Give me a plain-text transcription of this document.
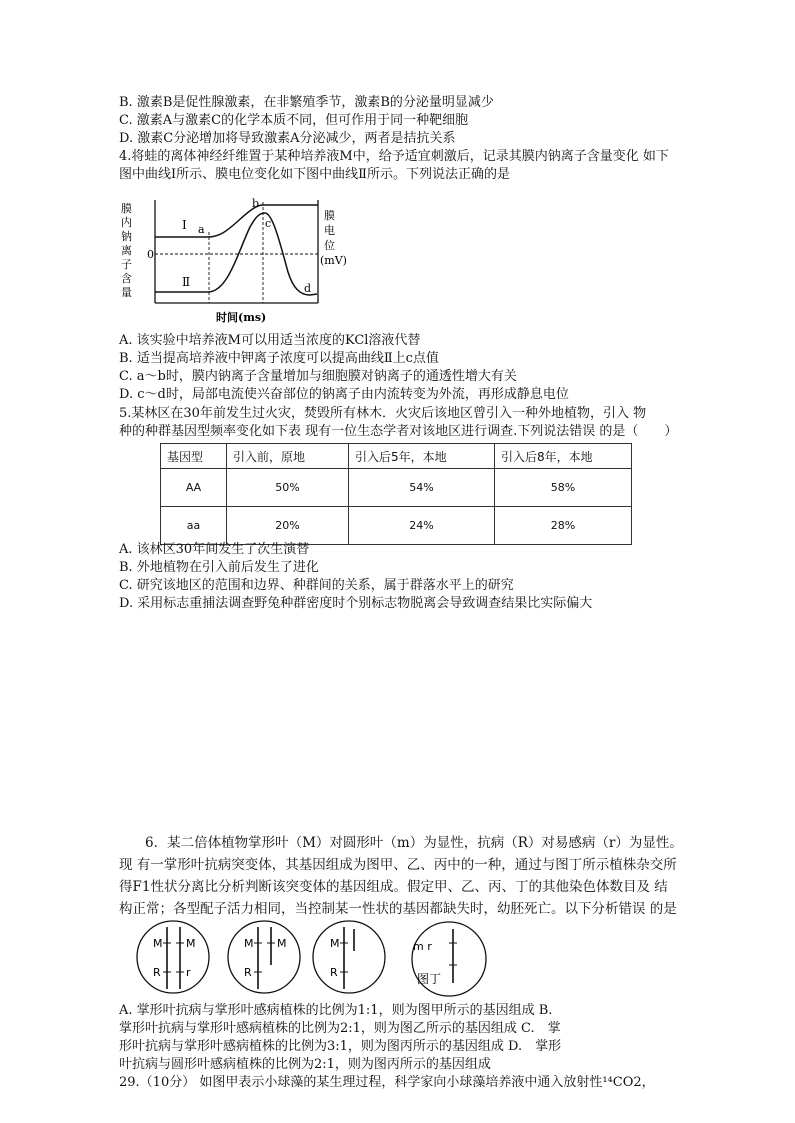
B. 激素B是促性腺激素，在非繁殖季节，激素B的分泌量明显减少
C. 激素A与激素C的化学本质不同，但可作用于同一种靶细胞
D. 激素C分泌增加将导致激素A分泌减少，两者是拮抗关系
4.将蛙的离体神经纤维置于某种培养液M中，给予适宜刺激后，记录其膜内钠离子含量变化 如下
图中曲线Ⅰ所示、膜电位变化如下图中曲线Ⅱ所示。下列说法正确的是
膜
内
钠
离
子
含
量
0
Ⅰ
Ⅱ
a
b
c
d
膜
电
位
(mV)
时间(ms)
A. 该实验中培养液M可以用适当浓度的KCl溶液代替
B. 适当提高培养液中钾离子浓度可以提高曲线Ⅱ上c点值
C. a～b时，膜内钠离子含量增加与细胞膜对钠离子的通透性增大有关
D. c～d时，局部电流使兴奋部位的钠离子由内流转变为外流，再形成静息电位
5.某林区在30年前发生过火灾，焚毁所有林木．火灾后该地区曾引入一种外地植物，引入 物
种的种群基因型频率变化如下表 现有一位生态学者对该地区进行调查.下列说法错误 的是（　　）
基因型	引入前，原地	引入后5年，本地	引入后8年，本地
AA	50%	54%	58%
aa	20%	24%	28%
A. 该林区30年间发生了次生演替
B. 外地植物在引入前后发生了进化
C. 研究该地区的范围和边界、种群间的关系，属于群落水平上的研究
D. 采用标志重捕法调查野兔种群密度时个别标志物脱离会导致调查结果比实际偏大
6．某二倍体植物掌形叶（M）对圆形叶（m）为显性，抗病（R）对易感病（r）为显性。
现 有一掌形叶抗病突变体，其基因组成为图甲、乙、丙中的一种，通过与图丁所示植株杂交所
得F1性状分离比分析判断该突变体的基因组成。假定甲、乙、丙、丁的其他染色体数目及 结
构正常；各型配子活力相同，当控制某一性状的基因都缺失时，幼胚死亡。以下分析错误 的是
M M
R r
M M
R
M
R
m r
图丁
A. 掌形叶抗病与掌形叶感病植株的比例为1:1，则为图甲所示的基因组成 B.
掌形叶抗病与掌形叶感病植株的比例为2:1，则为图乙所示的基因组成 C.　掌
形叶抗病与掌形叶感病植株的比例为3:1，则为图丙所示的基因组成 D.　掌形
叶抗病与圆形叶感病植株的比例为2:1，则为图丙所示的基因组成
29.（10分） 如图甲表示小球藻的某生理过程，科学家向小球藻培养液中通入放射性¹⁴CO2，
